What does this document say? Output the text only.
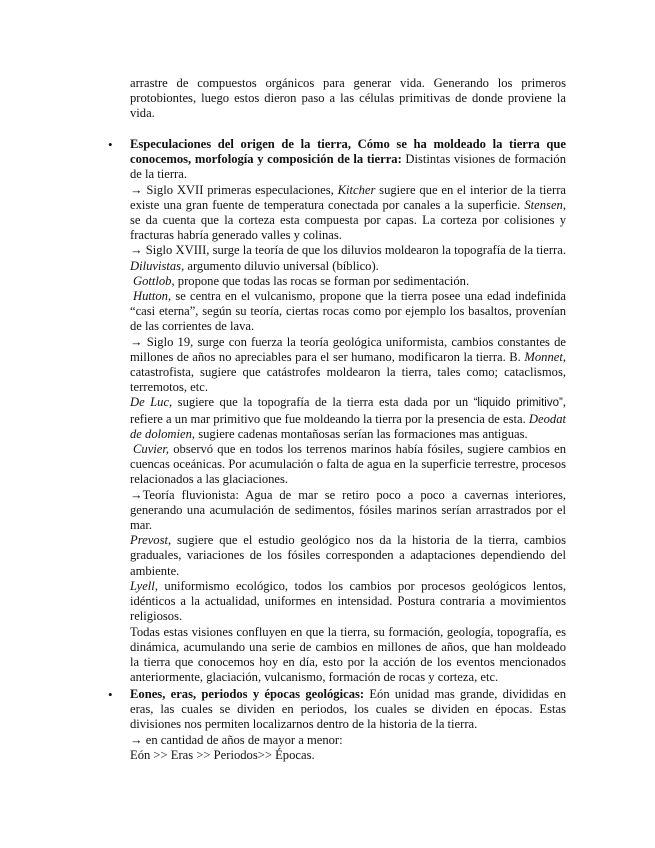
arrastre de compuestos orgánicos para generar vida. Generando los primeros protobiontes, luego estos dieron paso a las células primitivas de donde proviene la vida.

• Especulaciones del origen de la tierra, Cómo se ha moldeado la tierra que conocemos, morfología y composición de la tierra: Distintas visiones de formación de la tierra.

→ Siglo XVII primeras especulaciones, Kitcher sugiere que en el interior de la tierra existe una gran fuente de temperatura conectada por canales a la superficie. Stensen, se da cuenta que la corteza esta compuesta por capas. La corteza por colisiones y fracturas habría generado valles y colinas.

→ Siglo XVIII, surge la teoría de que los diluvios moldearon la topografía de la tierra. Diluvistas, argumento diluvio universal (bíblico).

Gottlob, propone que todas las rocas se forman por sedimentación.

Hutton, se centra en el vulcanismo, propone que la tierra posee una edad indefinida “casi eterna”, según su teoría, ciertas rocas como por ejemplo los basaltos, provenían de las corrientes de lava.

→ Siglo 19, surge con fuerza la teoría geológica uniformista, cambios constantes de millones de años no apreciables para el ser humano, modificaron la tierra. B. Monnet, catastrofista, sugiere que catástrofes moldearon la tierra, tales como; cataclismos, terremotos, etc.

De Luc, sugiere que la topografía de la tierra esta dada por un “liquido primitivo”, refiere a un mar primitivo que fue moldeando la tierra por la presencia de esta. Deodat de dolomien, sugiere cadenas montañosas serían las formaciones mas antiguas.

Cuvier, observó que en todos los terrenos marinos había fósiles, sugiere cambios en cuencas oceánicas. Por acumulación o falta de agua en la superficie terrestre, procesos relacionados a las glaciaciones.

→Teoría fluvionista: Agua de mar se retiro poco a poco a cavernas interiores, generando una acumulación de sedimentos, fósiles marinos serían arrastrados por el mar.

Prevost, sugiere que el estudio geológico nos da la historia de la tierra, cambios graduales, variaciones de los fósiles corresponden a adaptaciones dependiendo del ambiente.

Lyell, uniformismo ecológico, todos los cambios por procesos geológicos lentos, idénticos a la actualidad, uniformes en intensidad. Postura contraria a movimientos religiosos.

Todas estas visiones confluyen en que la tierra, su formación, geología, topografía, es dinámica, acumulando una serie de cambios en millones de años, que han moldeado la tierra que conocemos hoy en día, esto por la acción de los eventos mencionados anteriormente, glaciación, vulcanismo, formación de rocas y corteza, etc.

• Eones, eras, periodos y épocas geológicas: Eón unidad mas grande, divididas en eras, las cuales se dividen en periodos, los cuales se dividen en épocas. Estas divisiones nos permiten localizarnos dentro de la historia de la tierra.

→ en cantidad de años de mayor a menor:

Eón >> Eras >> Periodos>> Épocas.
